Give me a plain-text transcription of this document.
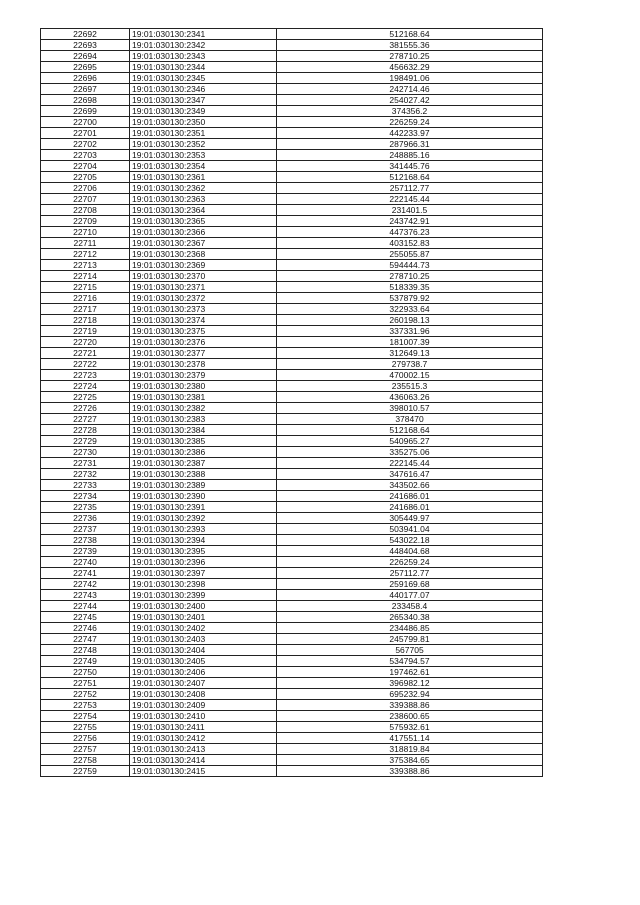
22692	19:01:030130:2341	512168.64
22693	19:01:030130:2342	381555.36
22694	19:01:030130:2343	278710.25
22695	19:01:030130:2344	456632.29
22696	19:01:030130:2345	198491.06
22697	19:01:030130:2346	242714.46
22698	19:01:030130:2347	254027.42
22699	19:01:030130:2349	374356.2
22700	19:01:030130:2350	226259.24
22701	19:01:030130:2351	442233.97
22702	19:01:030130:2352	287966.31
22703	19:01:030130:2353	248885.16
22704	19:01:030130:2354	341445.76
22705	19:01:030130:2361	512168.64
22706	19:01:030130:2362	257112.77
22707	19:01:030130:2363	222145.44
22708	19:01:030130:2364	231401.5
22709	19:01:030130:2365	243742.91
22710	19:01:030130:2366	447376.23
22711	19:01:030130:2367	403152.83
22712	19:01:030130:2368	255055.87
22713	19:01:030130:2369	594444.73
22714	19:01:030130:2370	278710.25
22715	19:01:030130:2371	518339.35
22716	19:01:030130:2372	537879.92
22717	19:01:030130:2373	322933.64
22718	19:01:030130:2374	260198.13
22719	19:01:030130:2375	337331.96
22720	19:01:030130:2376	181007.39
22721	19:01:030130:2377	312649.13
22722	19:01:030130:2378	279738.7
22723	19:01:030130:2379	470002.15
22724	19:01:030130:2380	235515.3
22725	19:01:030130:2381	436063.26
22726	19:01:030130:2382	398010.57
22727	19:01:030130:2383	378470
22728	19:01:030130:2384	512168.64
22729	19:01:030130:2385	540965.27
22730	19:01:030130:2386	335275.06
22731	19:01:030130:2387	222145.44
22732	19:01:030130:2388	347616.47
22733	19:01:030130:2389	343502.66
22734	19:01:030130:2390	241686.01
22735	19:01:030130:2391	241686.01
22736	19:01:030130:2392	305449.97
22737	19:01:030130:2393	503941.04
22738	19:01:030130:2394	543022.18
22739	19:01:030130:2395	448404.68
22740	19:01:030130:2396	226259.24
22741	19:01:030130:2397	257112.77
22742	19:01:030130:2398	259169.68
22743	19:01:030130:2399	440177.07
22744	19:01:030130:2400	233458.4
22745	19:01:030130:2401	265340.38
22746	19:01:030130:2402	234486.85
22747	19:01:030130:2403	245799.81
22748	19:01:030130:2404	567705
22749	19:01:030130:2405	534794.57
22750	19:01:030130:2406	197462.61
22751	19:01:030130:2407	396982.12
22752	19:01:030130:2408	695232.94
22753	19:01:030130:2409	339388.86
22754	19:01:030130:2410	238600.65
22755	19:01:030130:2411	575932.61
22756	19:01:030130:2412	417551.14
22757	19:01:030130:2413	318819.84
22758	19:01:030130:2414	375384.65
22759	19:01:030130:2415	339388.86
